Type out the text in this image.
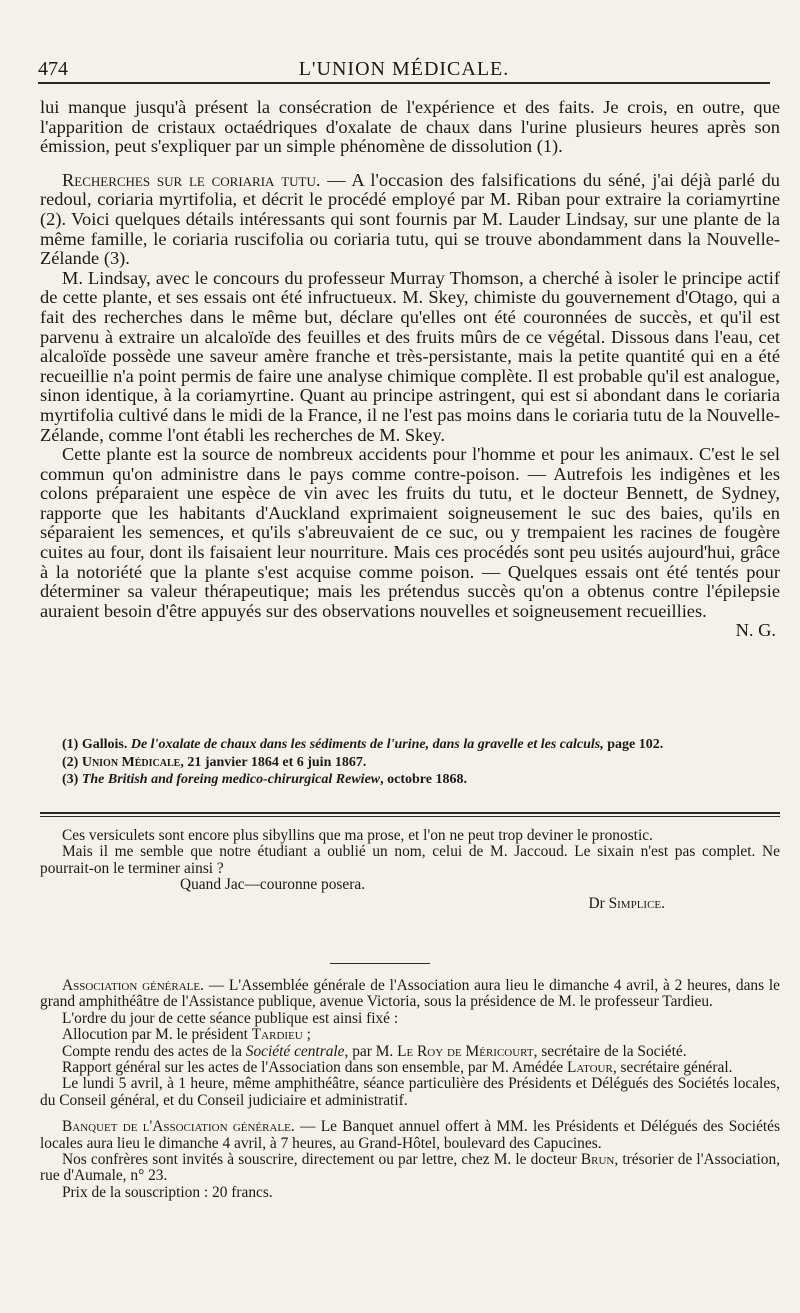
474	L'UNION MÉDICALE.

lui manque jusqu'à présent la consécration de l'expérience et des faits. Je crois, en outre, que l'apparition de cristaux octaédriques d'oxalate de chaux dans l'urine plusieurs heures après son émission, peut s'expliquer par un simple phénomène de dissolution (1).

Recherches sur le coriaria tutu. — A l'occasion des falsifications du séné, j'ai déjà parlé du redoul, coriaria myrtifolia, et décrit le procédé employé par M. Riban pour extraire la coriamyrtine (2). Voici quelques détails intéressants qui sont fournis par M. Lauder Lindsay, sur une plante de la même famille, le coriaria ruscifolia ou coriaria tutu, qui se trouve abondamment dans la Nouvelle-Zélande (3).

M. Lindsay, avec le concours du professeur Murray Thomson, a cherché à isoler le principe actif de cette plante, et ses essais ont été infructueux. M. Skey, chimiste du gouvernement d'Otago, qui a fait des recherches dans le même but, déclare qu'elles ont été couronnées de succès, et qu'il est parvenu à extraire un alcaloïde des feuilles et des fruits mûrs de ce végétal. Dissous dans l'eau, cet alcaloïde possède une saveur amère franche et très-persistante, mais la petite quantité qui en a été recueillie n'a point permis de faire une analyse chimique complète. Il est probable qu'il est analogue, sinon identique, à la coriamyrtine. Quant au principe astringent, qui est si abondant dans le coriaria myrtifolia cultivé dans le midi de la France, il ne l'est pas moins dans le coriaria tutu de la Nouvelle-Zélande, comme l'ont établi les recherches de M. Skey.

Cette plante est la source de nombreux accidents pour l'homme et pour les animaux. C'est le sel commun qu'on administre dans le pays comme contre-poison. — Autrefois les indigènes et les colons préparaient une espèce de vin avec les fruits du tutu, et le docteur Bennett, de Sydney, rapporte que les habitants d'Auckland exprimaient soigneusement le suc des baies, qu'ils en séparaient les semences, et qu'ils s'abreuvaient de ce suc, ou y trempaient les racines de fougère cuites au four, dont ils faisaient leur nourriture. Mais ces procédés sont peu usités aujourd'hui, grâce à la notoriété que la plante s'est acquise comme poison. — Quelques essais ont été tentés pour déterminer sa valeur thérapeutique; mais les prétendus succès qu'on a obtenus contre l'épilepsie auraient besoin d'être appuyés sur des observations nouvelles et soigneusement recueillies.

N. G.

(1) Gallois. De l'oxalate de chaux dans les sédiments de l'urine, dans la gravelle et les calculs, page 102.

(2) Union Médicale, 21 janvier 1864 et 6 juin 1867.

(3) The British and foreing medico-chirurgical Rewiew, octobre 1868.

Ces versiculets sont encore plus sibyllins que ma prose, et l'on ne peut trop deviner le pronostic.

Mais il me semble que notre étudiant a oublié un nom, celui de M. Jaccoud. Le sixain n'est pas complet. Ne pourrait-on le terminer ainsi ?

Quand Jac—couronne posera.

Dr Simplice.

Association générale. — L'Assemblée générale de l'Association aura lieu le dimanche 4 avril, à 2 heures, dans le grand amphithéâtre de l'Assistance publique, avenue Victoria, sous la présidence de M. le professeur Tardieu.

L'ordre du jour de cette séance publique est ainsi fixé :

Allocution par M. le président Tardieu ;

Compte rendu des actes de la Société centrale, par M. Le Roy de Méricourt, secrétaire de la Société.

Rapport général sur les actes de l'Association dans son ensemble, par M. Amédée Latour, secrétaire général.

Le lundi 5 avril, à 1 heure, même amphithéâtre, séance particulière des Présidents et Délégués des Sociétés locales, du Conseil général, et du Conseil judiciaire et administratif.

Banquet de l'Association générale. — Le Banquet annuel offert à MM. les Présidents et Délégués des Sociétés locales aura lieu le dimanche 4 avril, à 7 heures, au Grand-Hôtel, boulevard des Capucines.

Nos confrères sont invités à souscrire, directement ou par lettre, chez M. le docteur Brun, trésorier de l'Association, rue d'Aumale, n° 23.

Prix de la souscription : 20 francs.
